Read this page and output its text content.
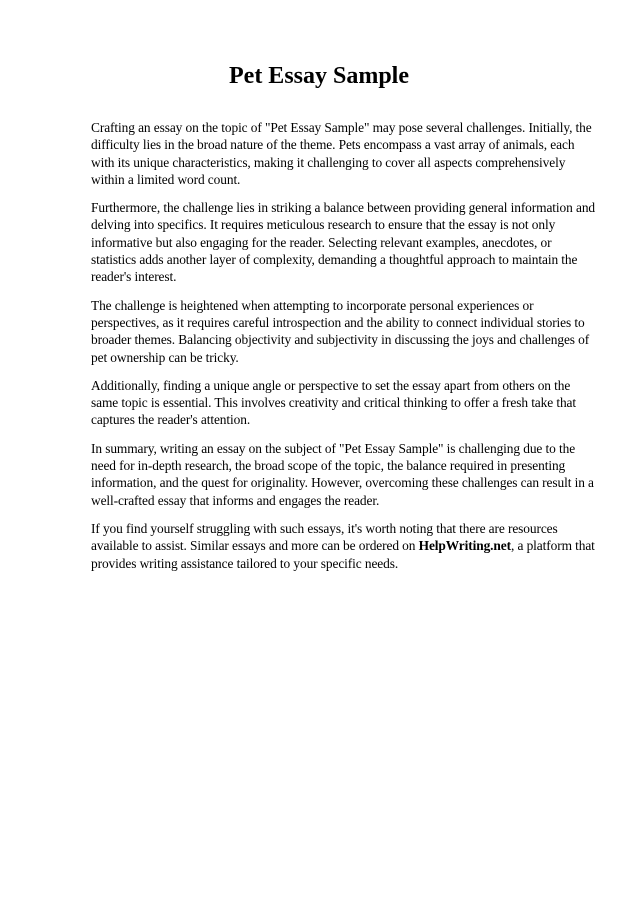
Pet Essay Sample

Crafting an essay on the topic of "Pet Essay Sample" may pose several challenges. Initially, the difficulty lies in the broad nature of the theme. Pets encompass a vast array of animals, each with its unique characteristics, making it challenging to cover all aspects comprehensively within a limited word count.

Furthermore, the challenge lies in striking a balance between providing general information and delving into specifics. It requires meticulous research to ensure that the essay is not only informative but also engaging for the reader. Selecting relevant examples, anecdotes, or statistics adds another layer of complexity, demanding a thoughtful approach to maintain the reader's interest.

The challenge is heightened when attempting to incorporate personal experiences or perspectives, as it requires careful introspection and the ability to connect individual stories to broader themes. Balancing objectivity and subjectivity in discussing the joys and challenges of pet ownership can be tricky.

Additionally, finding a unique angle or perspective to set the essay apart from others on the same topic is essential. This involves creativity and critical thinking to offer a fresh take that captures the reader's attention.

In summary, writing an essay on the subject of "Pet Essay Sample" is challenging due to the need for in-depth research, the broad scope of the topic, the balance required in presenting information, and the quest for originality. However, overcoming these challenges can result in a well-crafted essay that informs and engages the reader.

If you find yourself struggling with such essays, it's worth noting that there are resources available to assist. Similar essays and more can be ordered on HelpWriting.net, a platform that provides writing assistance tailored to your specific needs.
